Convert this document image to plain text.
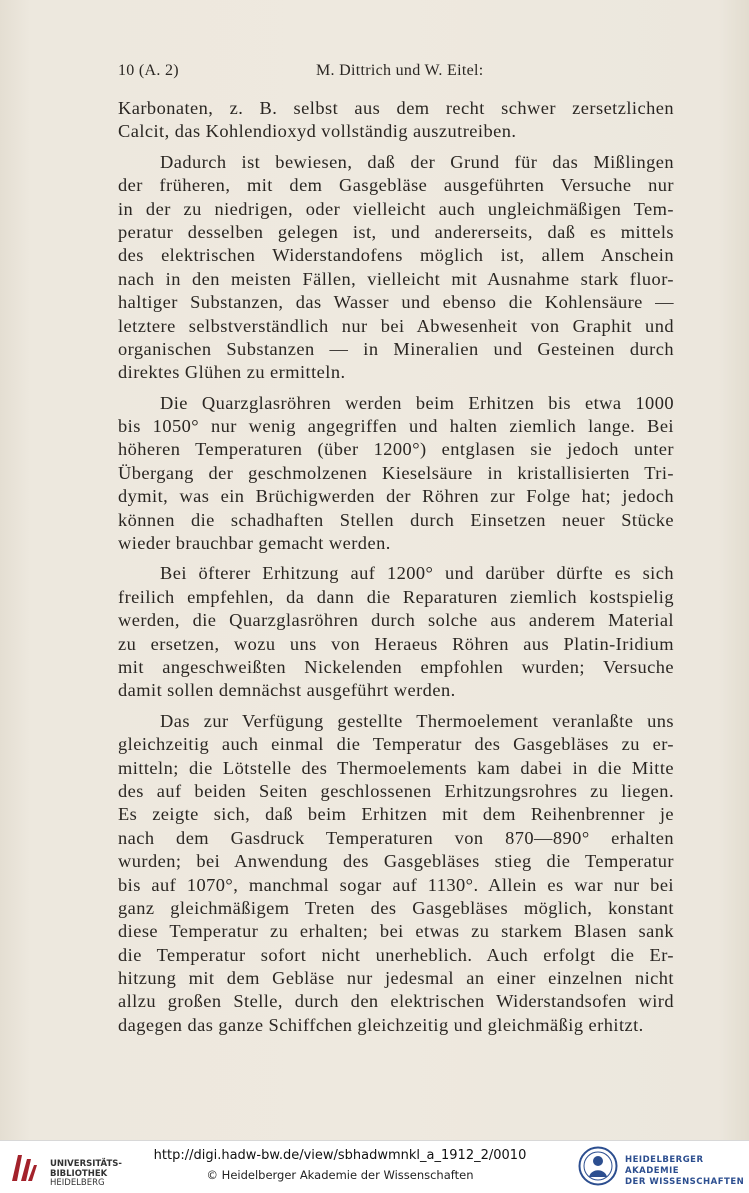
10 (A. 2)	M. Dittrich und W. Eitel:
Karbonaten, z. B. selbst aus dem recht schwer zersetzlichen
Calcit, das Kohlendioxyd vollständig auszutreiben.
Dadurch ist bewiesen, daß der Grund für das Mißlingen
der früheren, mit dem Gasgebläse ausgeführten Versuche nur
in der zu niedrigen, oder vielleicht auch ungleichmäßigen Tem-
peratur desselben gelegen ist, und andererseits, daß es mittels
des elektrischen Widerstandofens möglich ist, allem Anschein
nach in den meisten Fällen, vielleicht mit Ausnahme stark fluor-
haltiger Substanzen, das Wasser und ebenso die Kohlensäure —
letztere selbstverständlich nur bei Abwesenheit von Graphit und
organischen Substanzen — in Mineralien und Gesteinen durch
direktes Glühen zu ermitteln.
Die Quarzglasröhren werden beim Erhitzen bis etwa 1000
bis 1050° nur wenig angegriffen und halten ziemlich lange. Bei
höheren Temperaturen (über 1200°) entglasen sie jedoch unter
Übergang der geschmolzenen Kieselsäure in kristallisierten Tri-
dymit, was ein Brüchigwerden der Röhren zur Folge hat; jedoch
können die schadhaften Stellen durch Einsetzen neuer Stücke
wieder brauchbar gemacht werden.
Bei öfterer Erhitzung auf 1200° und darüber dürfte es sich
freilich empfehlen, da dann die Reparaturen ziemlich kostspielig
werden, die Quarzglasröhren durch solche aus anderem Material
zu ersetzen, wozu uns von Heraeus Röhren aus Platin-Iridium
mit angeschweißten Nickelenden empfohlen wurden; Versuche
damit sollen demnächst ausgeführt werden.
Das zur Verfügung gestellte Thermoelement veranlaßte uns
gleichzeitig auch einmal die Temperatur des Gasgebläses zu er-
mitteln; die Lötstelle des Thermoelements kam dabei in die Mitte
des auf beiden Seiten geschlossenen Erhitzungsrohres zu liegen.
Es zeigte sich, daß beim Erhitzen mit dem Reihenbrenner je
nach dem Gasdruck Temperaturen von 870—890° erhalten
wurden; bei Anwendung des Gasgebläses stieg die Temperatur
bis auf 1070°, manchmal sogar auf 1130°. Allein es war nur bei
ganz gleichmäßigem Treten des Gasgebläses möglich, konstant
diese Temperatur zu erhalten; bei etwas zu starkem Blasen sank
die Temperatur sofort nicht unerheblich. Auch erfolgt die Er-
hitzung mit dem Gebläse nur jedesmal an einer einzelnen nicht
allzu großen Stelle, durch den elektrischen Widerstandsofen wird
dagegen das ganze Schiffchen gleichzeitig und gleichmäßig erhitzt.
UNIVERSITÄTS-
BIBLIOTHEK
HEIDELBERG
http://digi.hadw-bw.de/view/sbhadwmnkl_a_1912_2/0010
© Heidelberger Akademie der Wissenschaften
HEIDELBERGER AKADEMIE
DER WISSENSCHAFTEN
